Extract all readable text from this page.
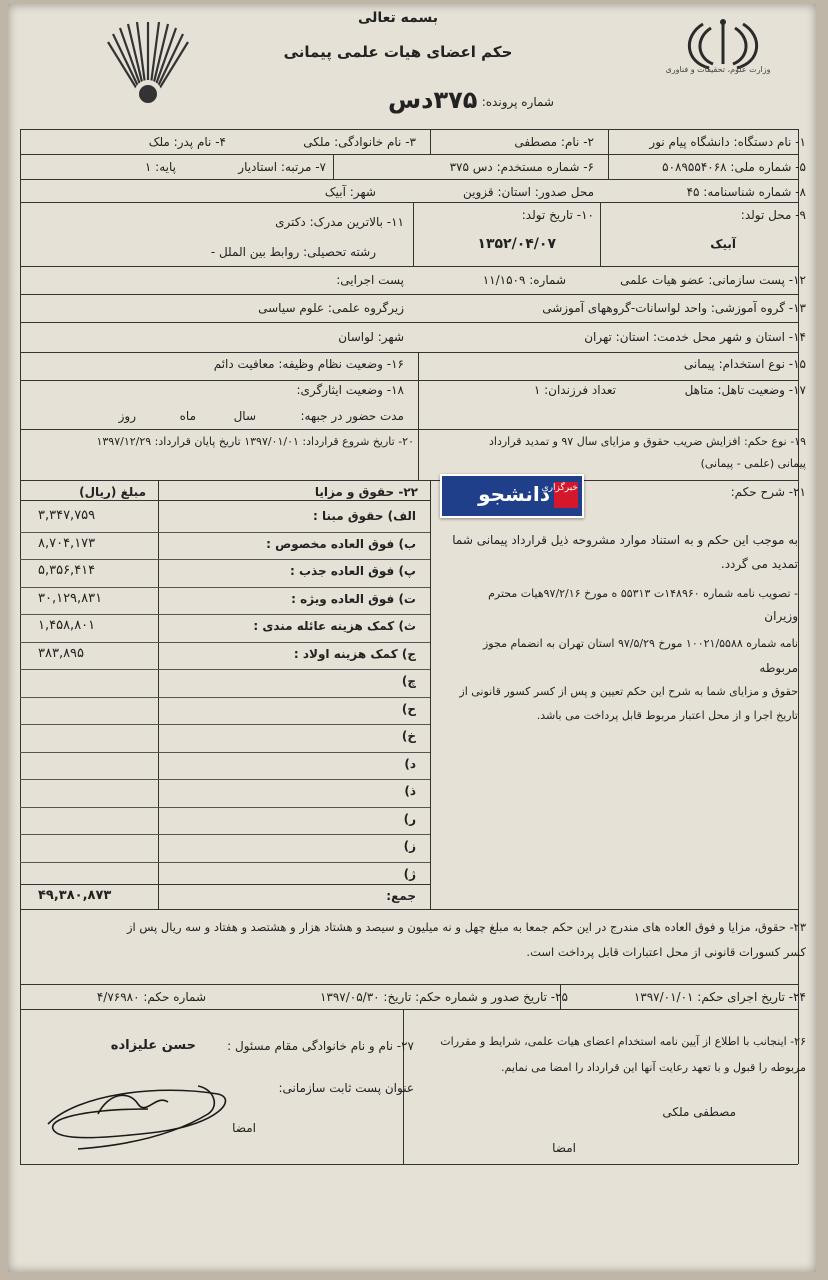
وزارت علوم، تحقیقات و فناوری
بسمه تعالی
حکم اعضای هیات علمی پیمانی
شماره پرونده:
۳۷۵دس
۱- نام دستگاه: دانشگاه پیام نور
۲- نام: مصطفی
۳- نام خانوادگی: ملکی
۴- نام پدر: ملک
۵- شماره ملی: ۵۰۸۹۵۵۴۰۶۸
۶- شماره مستخدم: دس ۳۷۵
۷- مرتبه: استادیار
پایه: ۱
۸- شماره شناسنامه: ۴۵
محل صدور: استان: قزوین
شهر: آبیک
۹- محل تولد:
آبیک
۱۰- تاریخ تولد:
۱۳۵۲/۰۴/۰۷
۱۱- بالاترین مدرک: دکتری
رشته تحصیلی: روابط بین الملل -
۱۲- پست سازمانی: عضو هیات علمی
شماره: ۱۱/۱۵۰۹
پست اجرایی:
۱۳- گروه آموزشی: واحد لواسانات-گروههای آموزشی
زیرگروه علمی: علوم سیاسی
۱۴- استان و شهر محل خدمت: استان: تهران
شهر: لواسان
۱۵- نوع استخدام: پیمانی
۱۶- وضعیت نظام وظیفه: معافیت دائم
۱۷- وضعیت تاهل: متاهل
تعداد فرزندان: ۱
۱۸- وضعیت ایثارگری:
مدت حضور در جبهه:
سال
ماه
روز
۱۹- نوع حکم: افزایش ضریب حقوق و مزایای سال ۹۷ و تمدید قرارداد
پیمانی (علمی - پیمانی)
۲۰- تاریخ شروع قرارداد: ۱۳۹۷/۰۱/۰۱ تاریخ پایان قرارداد: ۱۳۹۷/۱۲/۲۹
۲۱- شرح حکم:
به موجب این حکم و به استناد موارد مشروحه ذیل قرارداد پیمانی شما
تمدید می گردد.
- تصویب نامه شماره ۱۴۸۹۶۰ت ۵۵۳۱۳ ه مورخ ۹۷/۲/۱۶هیات محترم
وزیران
نامه شماره ۱۰۰۲۱/۵۵۸۸ مورخ ۹۷/۵/۲۹ استان تهران به انضمام مجوز
مربوطه
حقوق و مزایای شما به شرح این حکم تعیین و پس از کسر کسور قانونی از
تاریخ اجرا و از محل اعتبار مربوط قابل پرداخت می باشد.
۲۲- حقوق و مزایا
مبلغ (ریال)
جمع:
۴۹,۳۸۰,۸۷۳
۲۳- حقوق، مزایا و فوق العاده های مندرج در این حکم جمعا به مبلغ چهل و نه میلیون و سیصد و هشتاد هزار و هشتصد و هفتاد و سه ریال پس از
کسر کسورات قانونی از محل اعتبارات قابل پرداخت است.
۲۴- تاریخ اجرای حکم: ۱۳۹۷/۰۱/۰۱
۲۵- تاریخ صدور و شماره حکم: تاریخ: ۱۳۹۷/۰۵/۳۰
شماره حکم: ۴/۷۶۹۸۰
۲۶- اینجانب با اطلاع از آیین نامه استخدام اعضای هیات علمی، شرایط و مقررات
مربوطه را قبول و با تعهد رعایت آنها این قرارداد را امضا می نمایم.
مصطفی ملکی
امضا
۲۷- نام و نام خانوادگی مقام مسئول :
حسن علیزاده
عنوان پست ثابت سازمانی:
امضا
دانشجو
خبرگزاری
الف) حقوق مبنا :
۳,۳۴۷,۷۵۹
ب) فوق العاده مخصوص :
۸,۷۰۴,۱۷۳
پ) فوق العاده جذب :
۵,۳۵۶,۴۱۴
ت) فوق العاده ویژه :
۳۰,۱۲۹,۸۳۱
ث) کمک هزینه عائله مندی :
۱,۴۵۸,۸۰۱
ج) کمک هزینه اولاد :
۳۸۳,۸۹۵
چ)
ح)
خ)
د)
ذ)
ر)
ز)
ژ)
